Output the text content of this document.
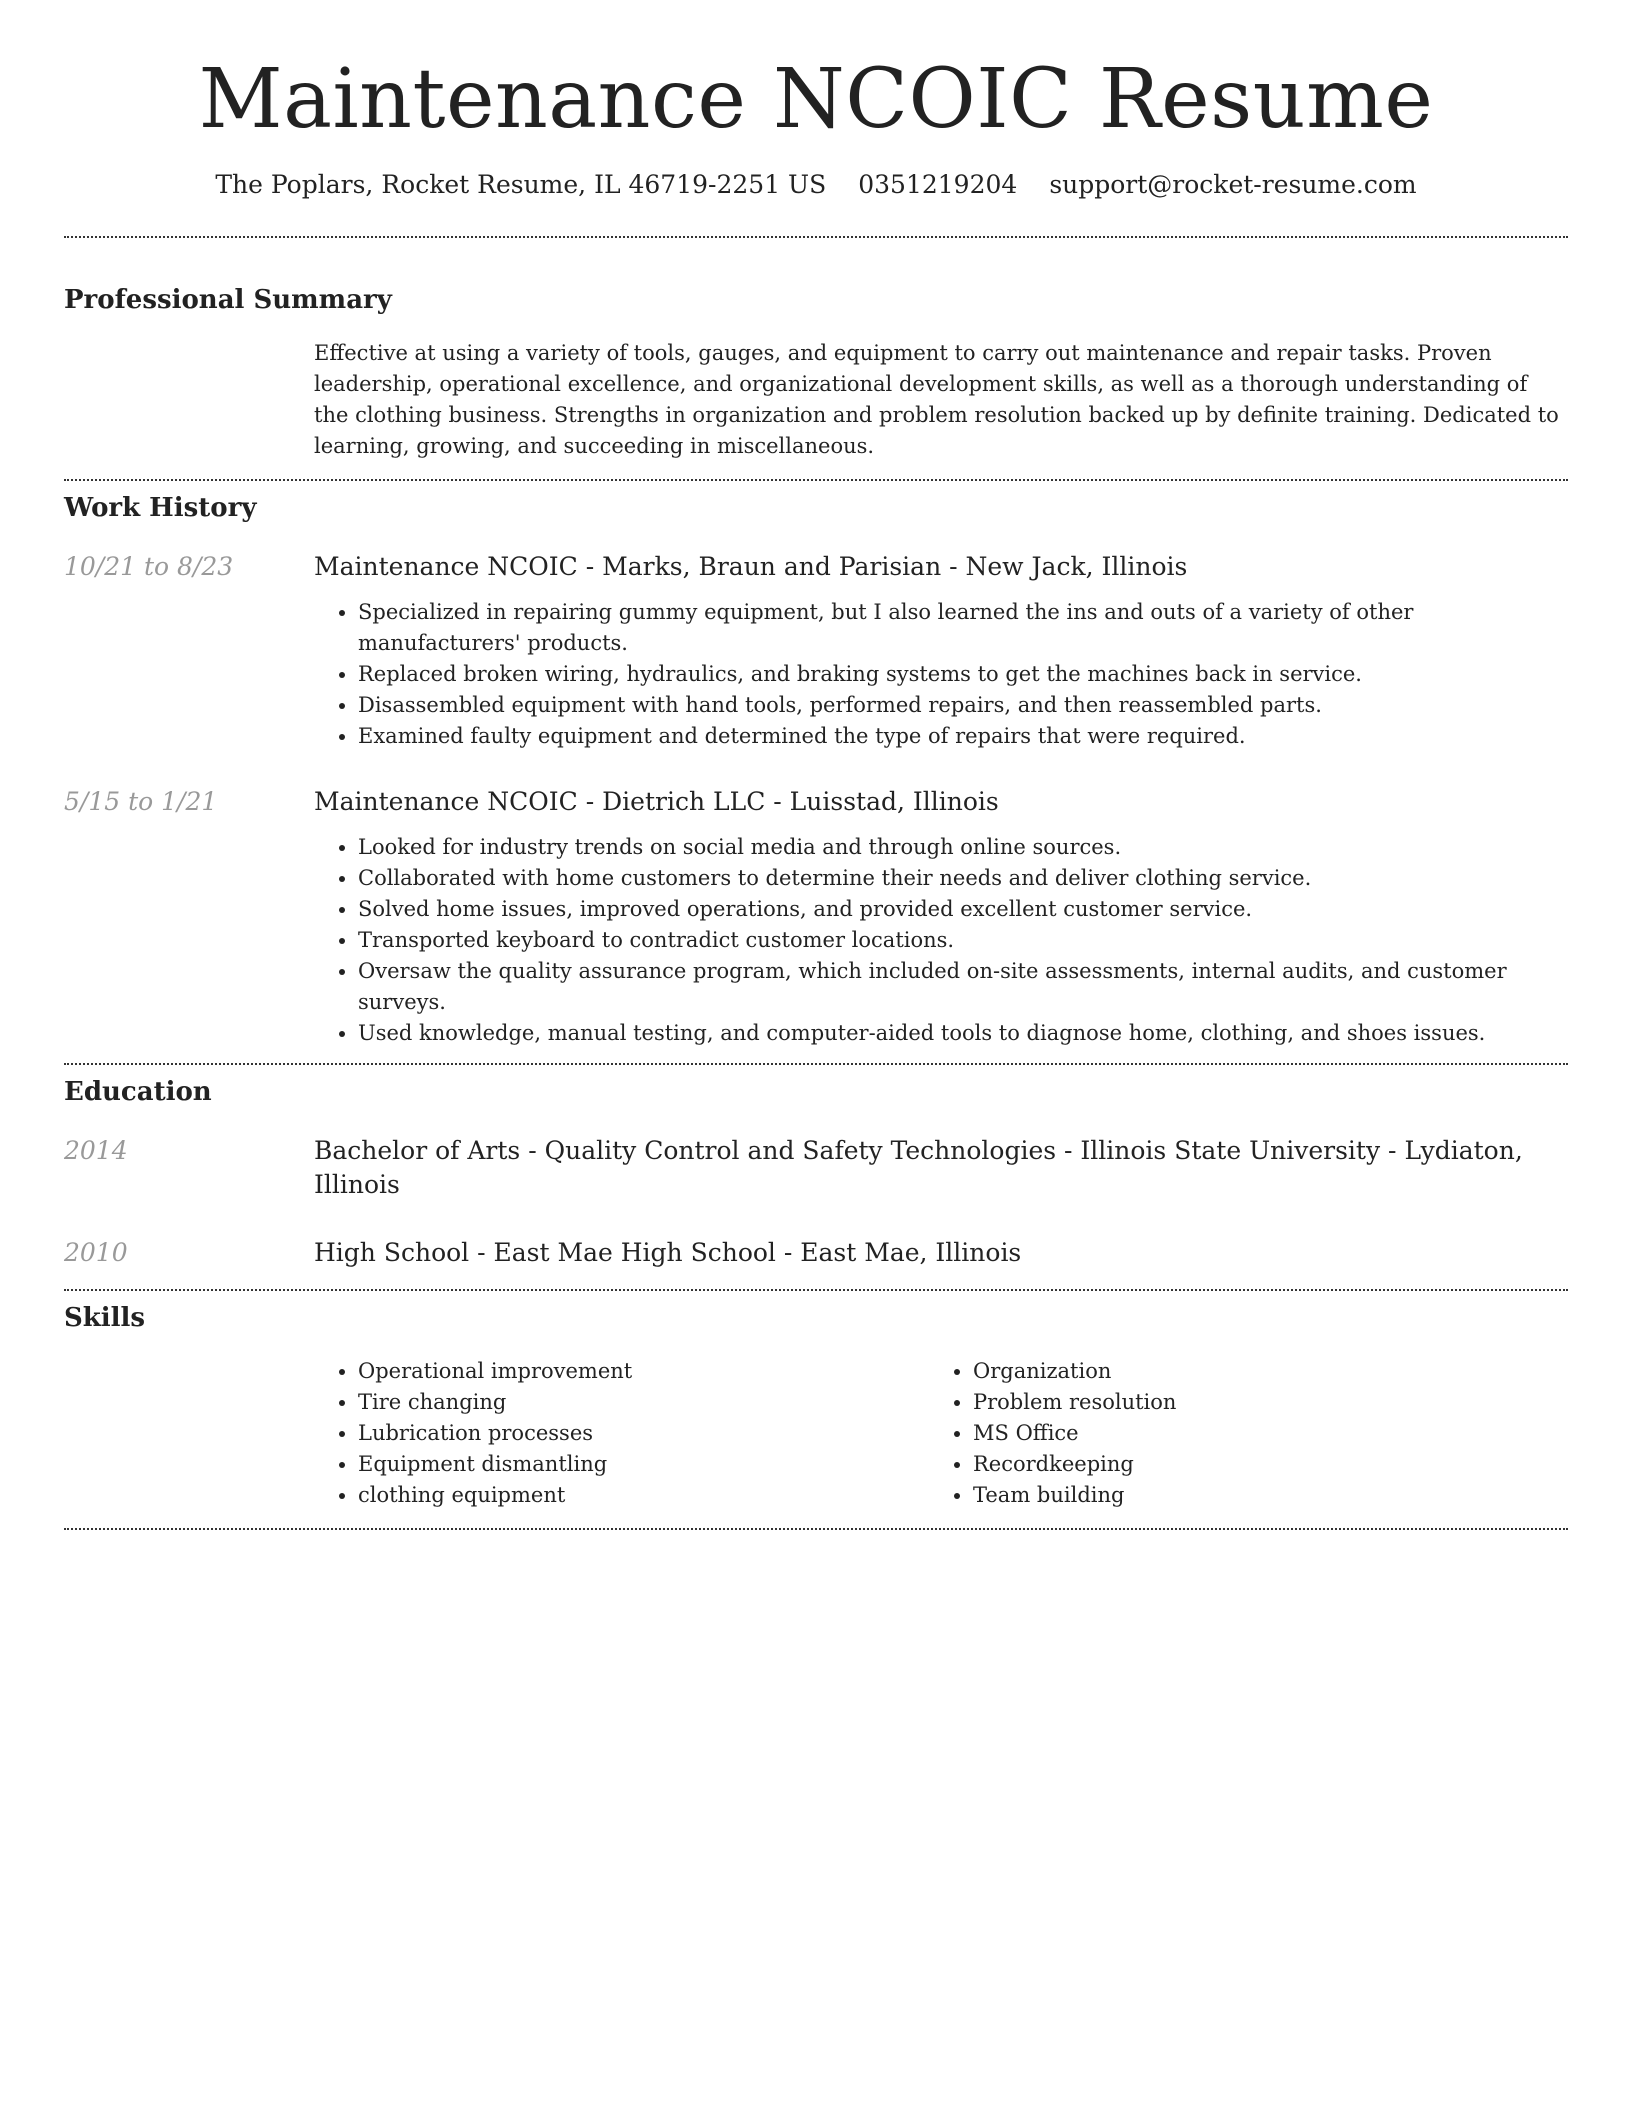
Maintenance NCOIC Resume
The Poplars, Rocket Resume, IL 46719-2251 US 0351219204 support@rocket-resume.com
Professional Summary

Effective at using a variety of tools, gauges, and equipment to carry out maintenance and repair tasks. Proven leadership, operational excellence, and organizational development skills, as well as a thorough understanding of the clothing business. Strengths in organization and problem resolution backed up by definite training. Dedicated to learning, growing, and succeeding in miscellaneous.

Work History
10/21 to 8/23	Maintenance NCOIC - Marks, Braun and Parisian - New Jack, Illinois

• Specialized in repairing gummy equipment, but I also learned the ins and outs of a variety of other manufacturers' products.
• Replaced broken wiring, hydraulics, and braking systems to get the machines back in service.
• Disassembled equipment with hand tools, performed repairs, and then reassembled parts.
• Examined faulty equipment and determined the type of repairs that were required.
5/15 to 1/21	Maintenance NCOIC - Dietrich LLC - Luisstad, Illinois

• Looked for industry trends on social media and through online sources.
• Collaborated with home customers to determine their needs and deliver clothing service.
• Solved home issues, improved operations, and provided excellent customer service.
• Transported keyboard to contradict customer locations.
• Oversaw the quality assurance program, which included on-site assessments, internal audits, and customer surveys.
• Used knowledge, manual testing, and computer-aided tools to diagnose home, clothing, and shoes issues.
Education
2014	Bachelor of Arts - Quality Control and Safety Technologies - Illinois State University - Lydiaton, Illinois

2010	High School - East Mae High School - East Mae, Illinois

Skills
• Operational improvement
• Tire changing
• Lubrication processes
• Equipment dismantling
• clothing equipment
• Organization
• Problem resolution
• MS Office
• Recordkeeping
• Team building
